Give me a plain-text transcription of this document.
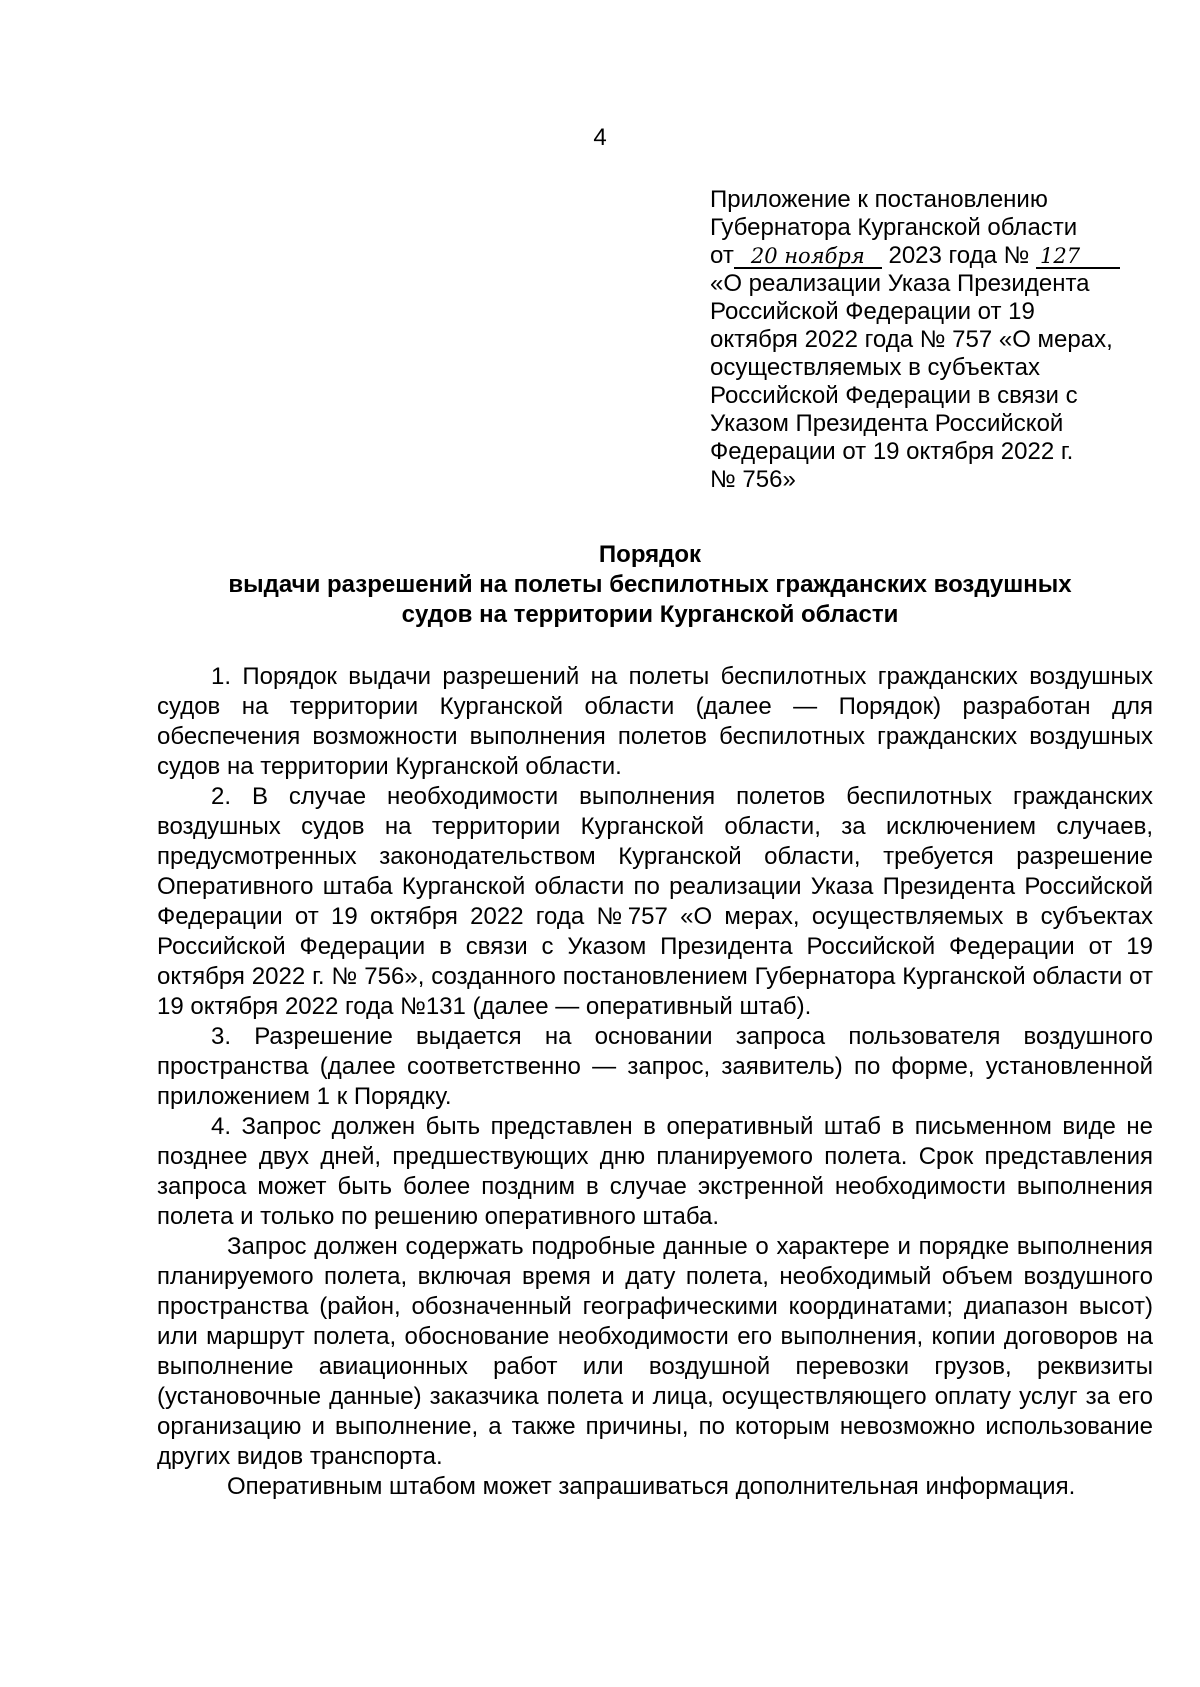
4
Приложение к постановлению
Губернатора Курганской области
от 20 ноября 2023 года № 127
«О реализации Указа Президента
Российской Федерации от 19
октября 2022 года № 757 «О мерах,
осуществляемых в субъектах
Российской Федерации в связи с
Указом Президента Российской
Федерации от 19 октября 2022 г.
№ 756»
Порядок
выдачи разрешений на полеты беспилотных гражданских воздушных
судов на территории Курганской области

1. Порядок выдачи разрешений на полеты беспилотных гражданских воздушных судов на территории Курганской области (далее — Порядок) разработан для обеспечения возможности выполнения полетов беспилотных гражданских воздушных судов на территории Курганской области.

2. В случае необходимости выполнения полетов беспилотных гражданских воздушных судов на территории Курганской области, за исключением случаев, предусмотренных законодательством Курганской области, требуется разрешение Оперативного штаба Курганской области по реализации Указа Президента Российской Федерации от 19 октября 2022 года №757 «О мерах, осуществляемых в субъектах Российской Федерации в связи с Указом Президента Российской Федерации от 19 октября 2022 г. № 756», созданного постановлением Губернатора Курганской области от 19 октября 2022 года №131 (далее — оперативный штаб).

3. Разрешение выдается на основании запроса пользователя воздушного пространства (далее соответственно — запрос, заявитель) по форме, установленной приложением 1 к Порядку.

4. Запрос должен быть представлен в оперативный штаб в письменном виде не позднее двух дней, предшествующих дню планируемого полета. Срок представления запроса может быть более поздним в случае экстренной необходимости выполнения полета и только по решению оперативного штаба.

Запрос должен содержать подробные данные о характере и порядке выполнения планируемого полета, включая время и дату полета, необходимый объем воздушного пространства (район, обозначенный географическими координатами; диапазон высот) или маршрут полета, обоснование необходимости его выполнения, копии договоров на выполнение авиационных работ или воздушной перевозки грузов, реквизиты (установочные данные) заказчика полета и лица, осуществляющего оплату услуг за его организацию и выполнение, а также причины, по которым невозможно использование других видов транспорта.

Оперативным штабом может запрашиваться дополнительная информация.
